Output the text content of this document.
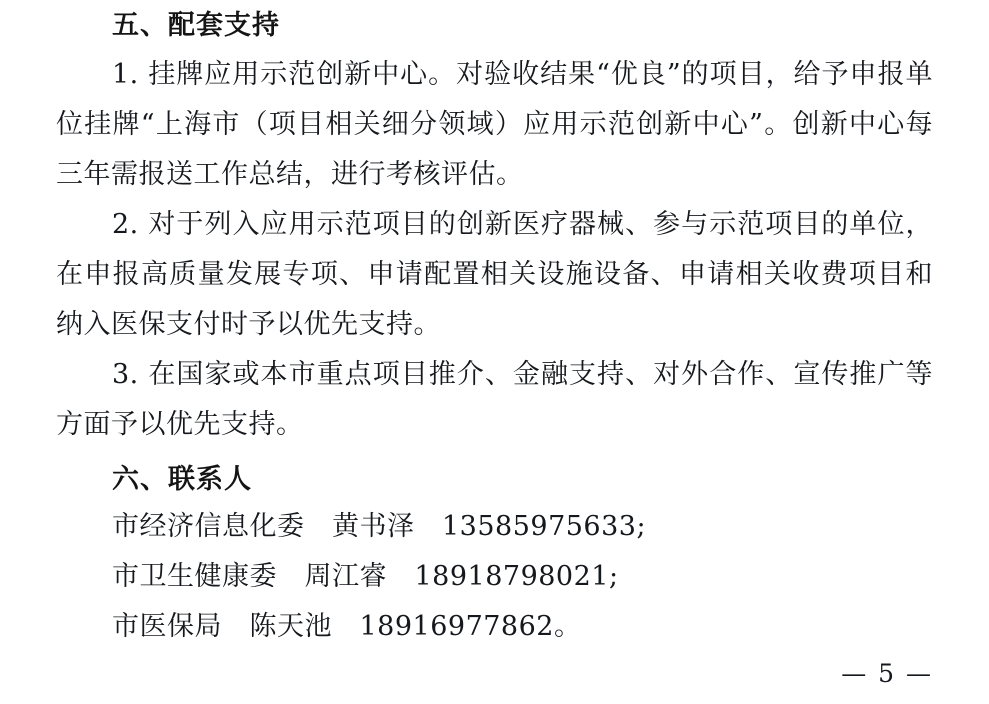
五、配套支持

1. 挂牌应用示范创新中心。对验收结果“优良”的项目，给予申报单位挂牌“上海市（项目相关细分领域）应用示范创新中心”。创新中心每三年需报送工作总结，进行考核评估。

2. 对于列入应用示范项目的创新医疗器械、参与示范项目的单位，在申报高质量发展专项、申请配置相关设施设备、申请相关收费项目和纳入医保支付时予以优先支持。

3. 在国家或本市重点项目推介、金融支持、对外合作、宣传推广等方面予以优先支持。

六、联系人

市经济信息化委　黄书泽　13585975633;

市卫生健康委　周江睿　18918798021;

市医保局　陈天池　18916977862。

— 5 —
